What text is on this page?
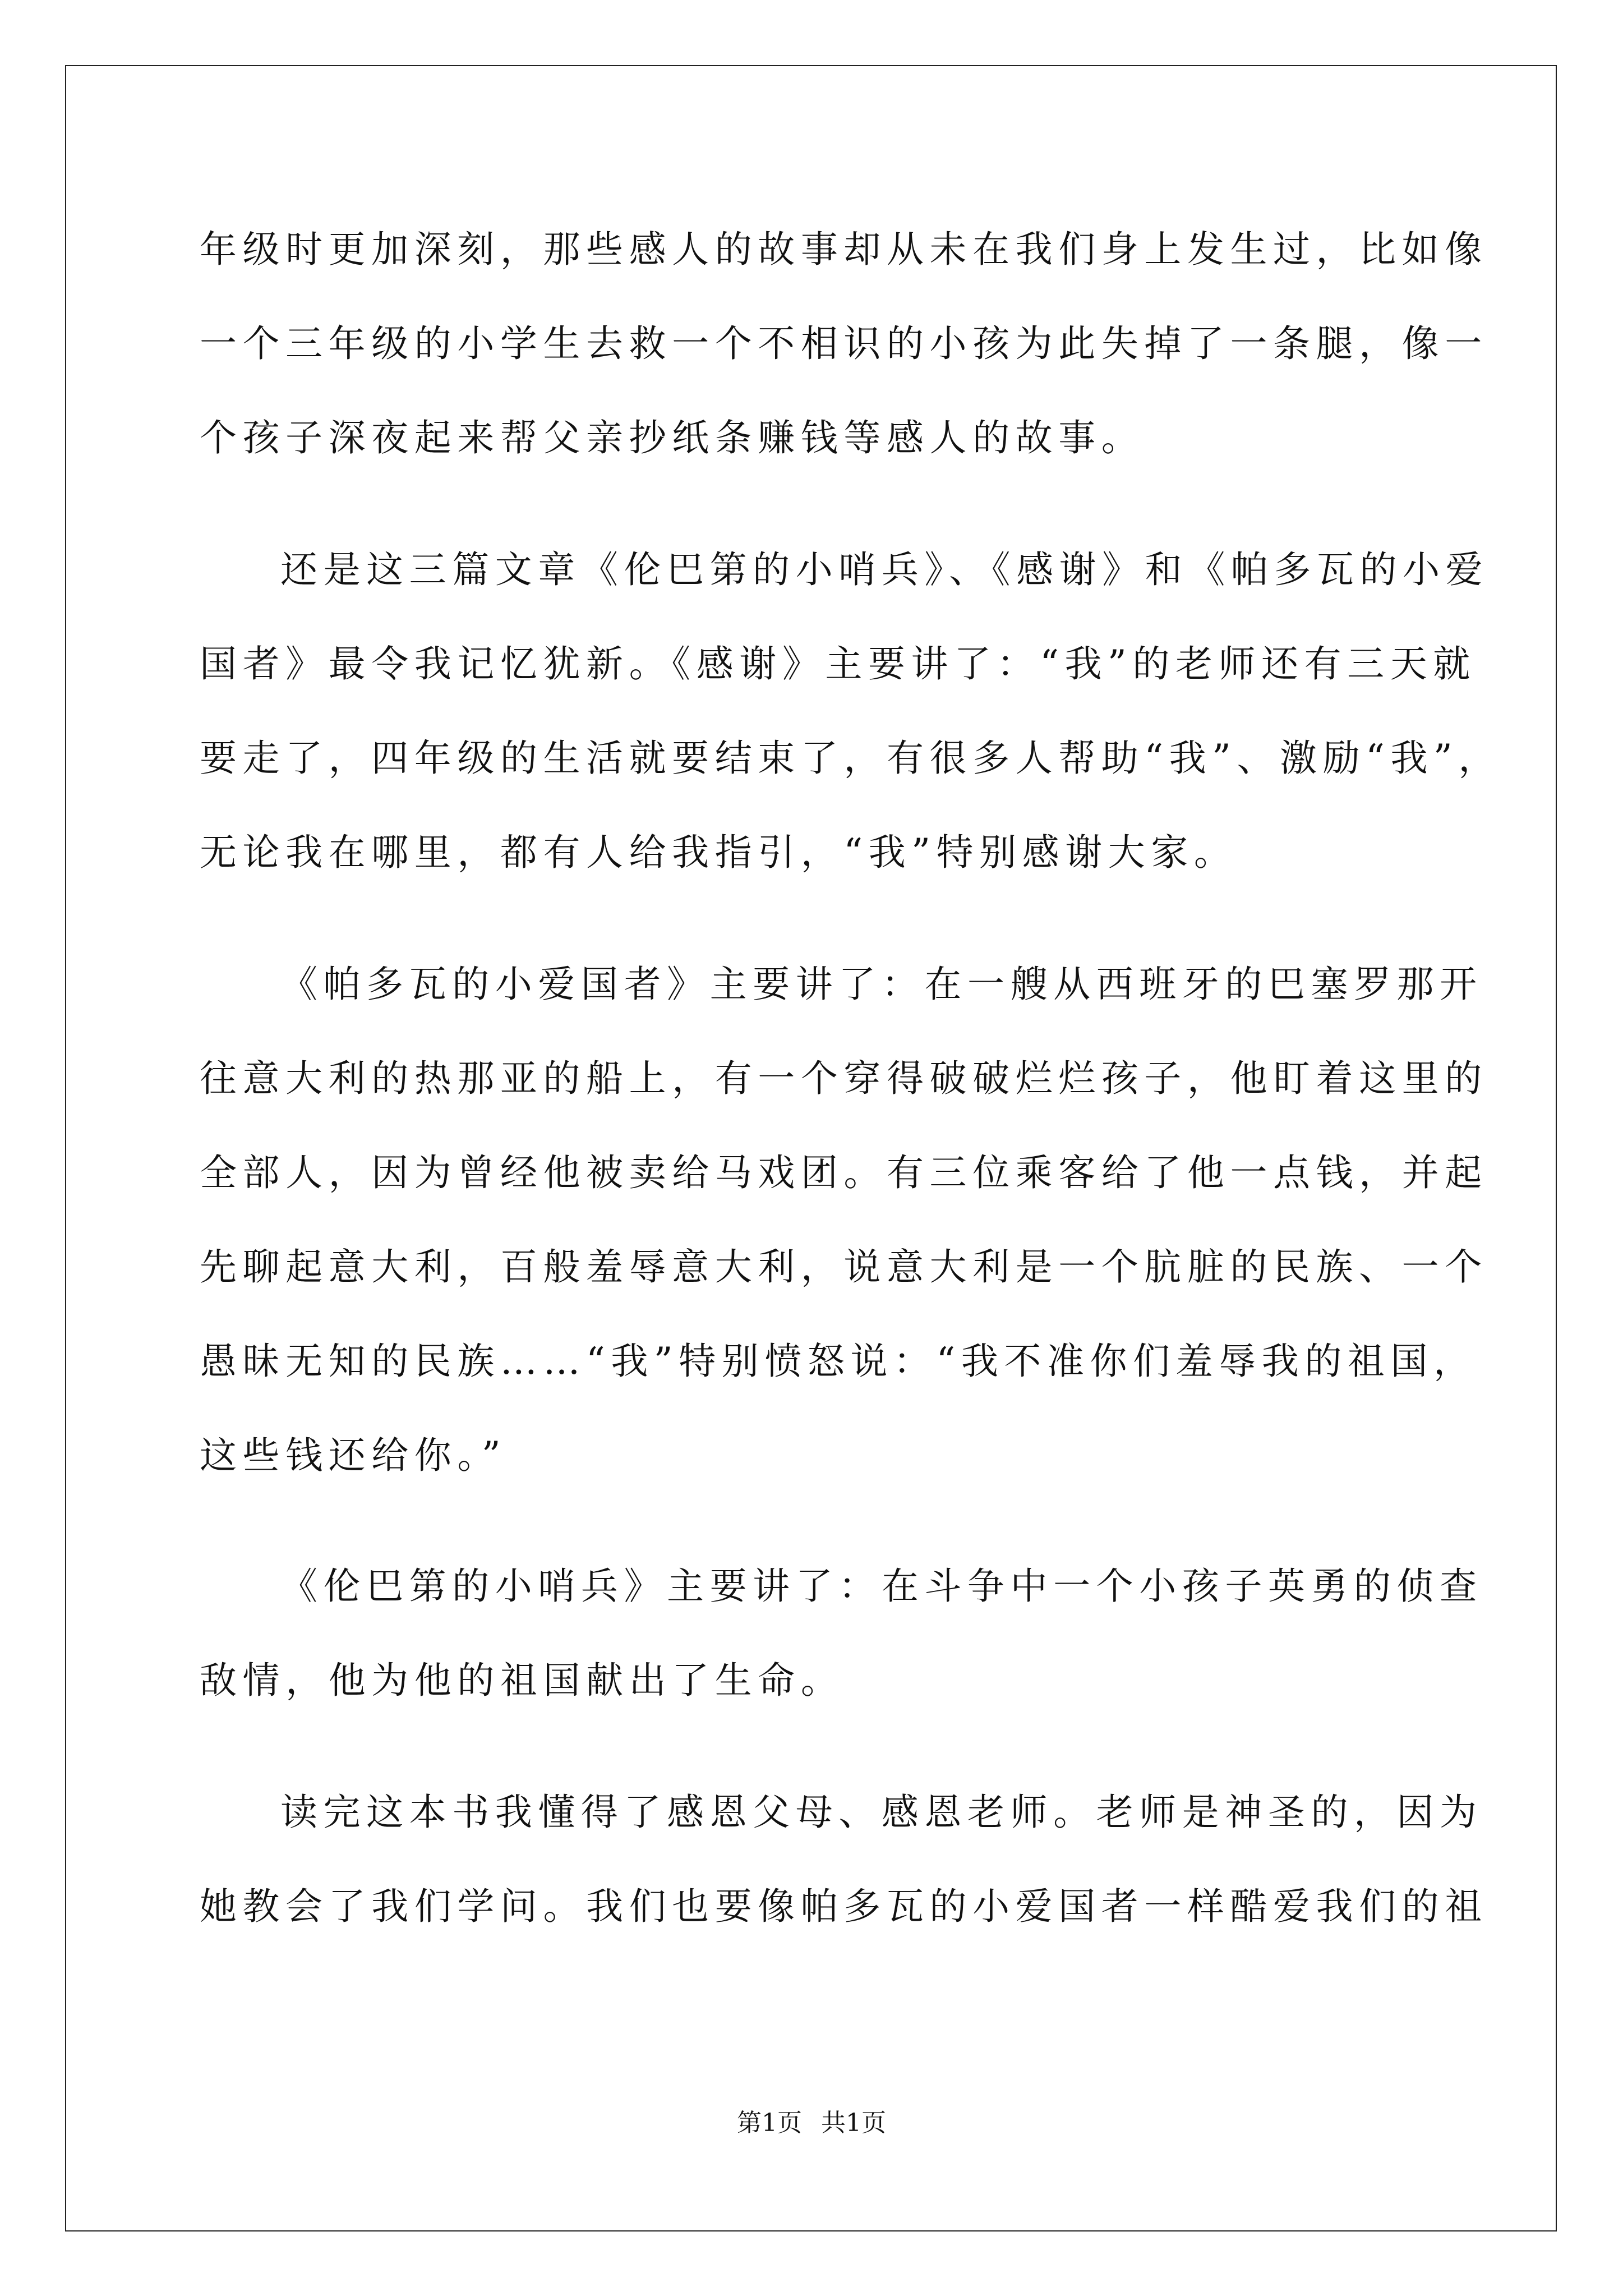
年级时更加深刻，那些感人的故事却从未在我们身上发生过，比如像

一个三年级的小学生去救一个不相识的小孩为此失掉了一条腿，像一

个孩子深夜起来帮父亲抄纸条赚钱等感人的故事。

还是这三篇文章《伦巴第的小哨兵》、《感谢》和《帕多瓦的小爱

国者》最令我记忆犹新。《感谢》主要讲了：“我”的老师还有三天就

要走了，四年级的生活就要结束了，有很多人帮助“我”、激励“我”，

无论我在哪里，都有人给我指引，“我”特别感谢大家。

《帕多瓦的小爱国者》主要讲了：在一艘从西班牙的巴塞罗那开

往意大利的热那亚的船上，有一个穿得破破烂烂孩子，他盯着这里的

全部人，因为曾经他被卖给马戏团。有三位乘客给了他一点钱，并起

先聊起意大利，百般羞辱意大利，说意大利是一个肮脏的民族、一个

愚昧无知的民族……“我”特别愤怒说：“我不准你们羞辱我的祖国，

这些钱还给你。”

《伦巴第的小哨兵》主要讲了：在斗争中一个小孩子英勇的侦查

敌情，他为他的祖国献出了生命。

读完这本书我懂得了感恩父母、感恩老师。老师是神圣的，因为

她教会了我们学问。我们也要像帕多瓦的小爱国者一样酷爱我们的祖

第1页 共1页
